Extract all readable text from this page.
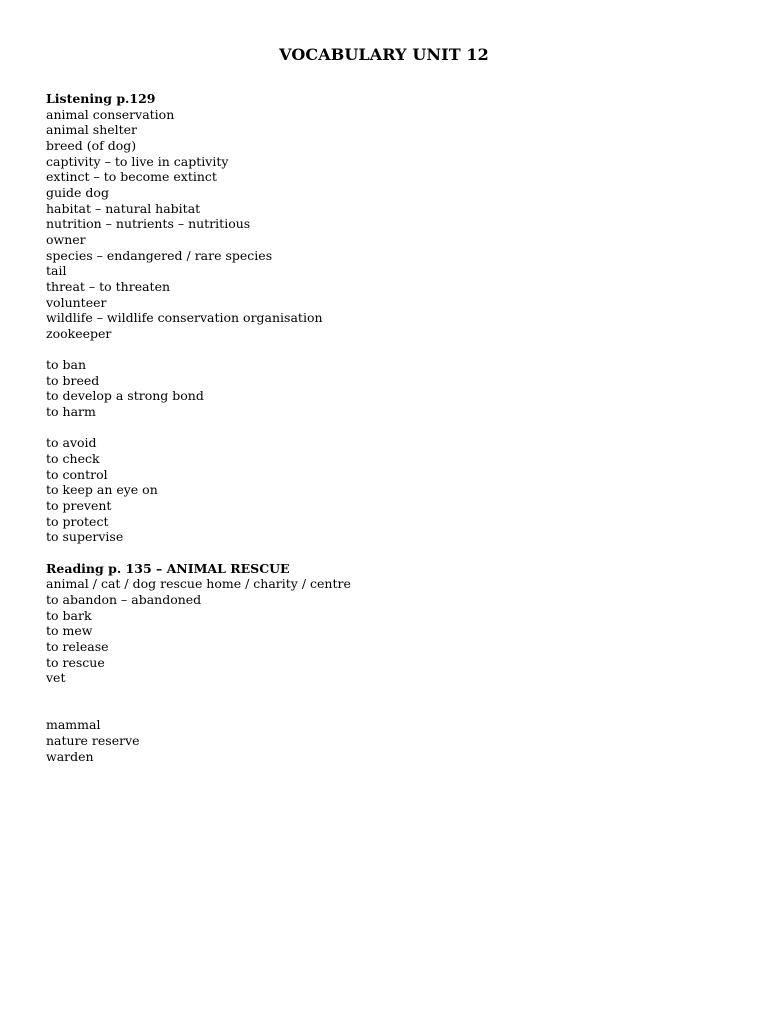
VOCABULARY UNIT 12
Listening p.129
animal conservation
animal shelter
breed (of dog)
captivity – to live in captivity
extinct – to become extinct
guide dog
habitat – natural habitat
nutrition – nutrients – nutritious
owner
species – endangered / rare species
tail
threat – to threaten
volunteer
wildlife – wildlife conservation organisation
zookeeper
to ban
to breed
to develop a strong bond
to harm
to avoid
to check
to control
to keep an eye on
to prevent
to protect
to supervise
Reading p. 135 – ANIMAL RESCUE
animal / cat / dog rescue home / charity / centre
to abandon – abandoned
to bark
to mew
to release
to rescue
vet
mammal
nature reserve
warden
